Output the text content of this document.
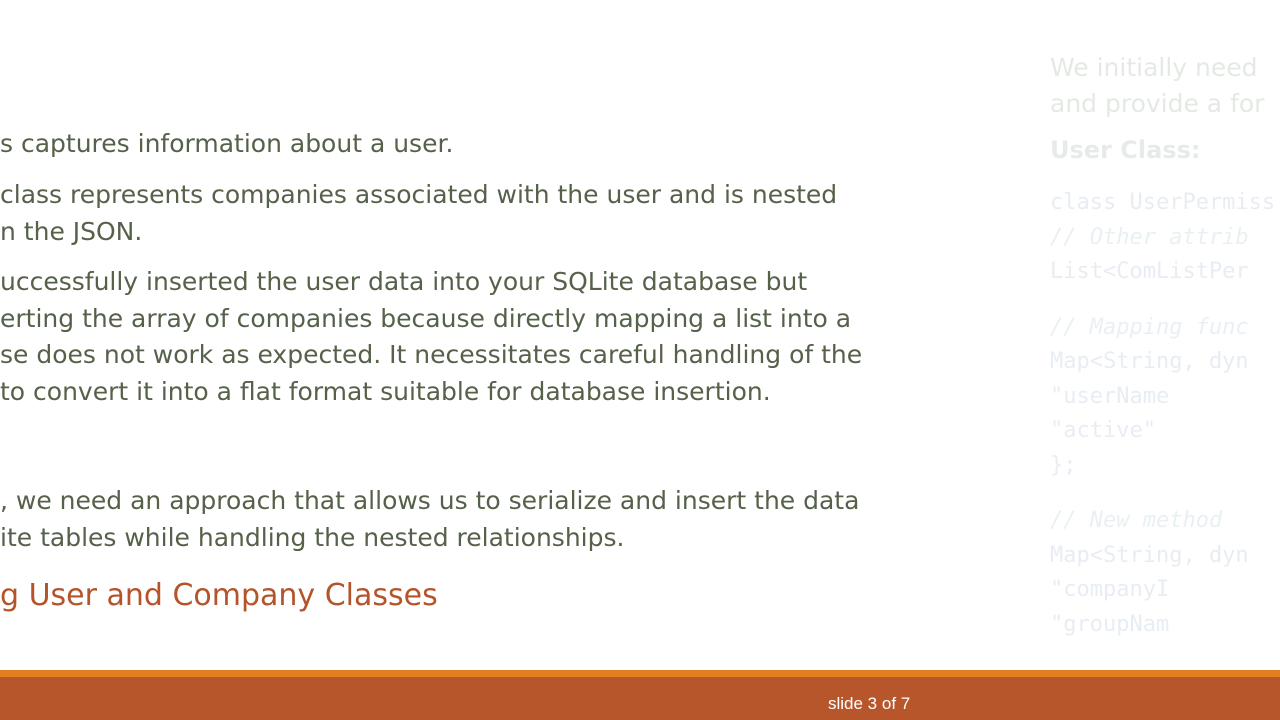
s captures information about a user.
class represents companies associated with the user and is nested
n the JSON.
uccessfully inserted the user data into your SQLite database but
erting the array of companies because directly mapping a list into a
se does not work as expected. It necessitates careful handling of the
to convert it into a flat format suitable for database insertion.
, we need an approach that allows us to serialize and insert the data
ite tables while handling the nested relationships.
g User and Company Classes
We initially need
and provide a for
User Class:
class UserPermiss
// Other attrib
List<ComListPer
// Mapping func
Map<String, dyn
"userName
"active"
};
// New method
Map<String, dyn
"companyI
"groupNam
slide 3 of 7
